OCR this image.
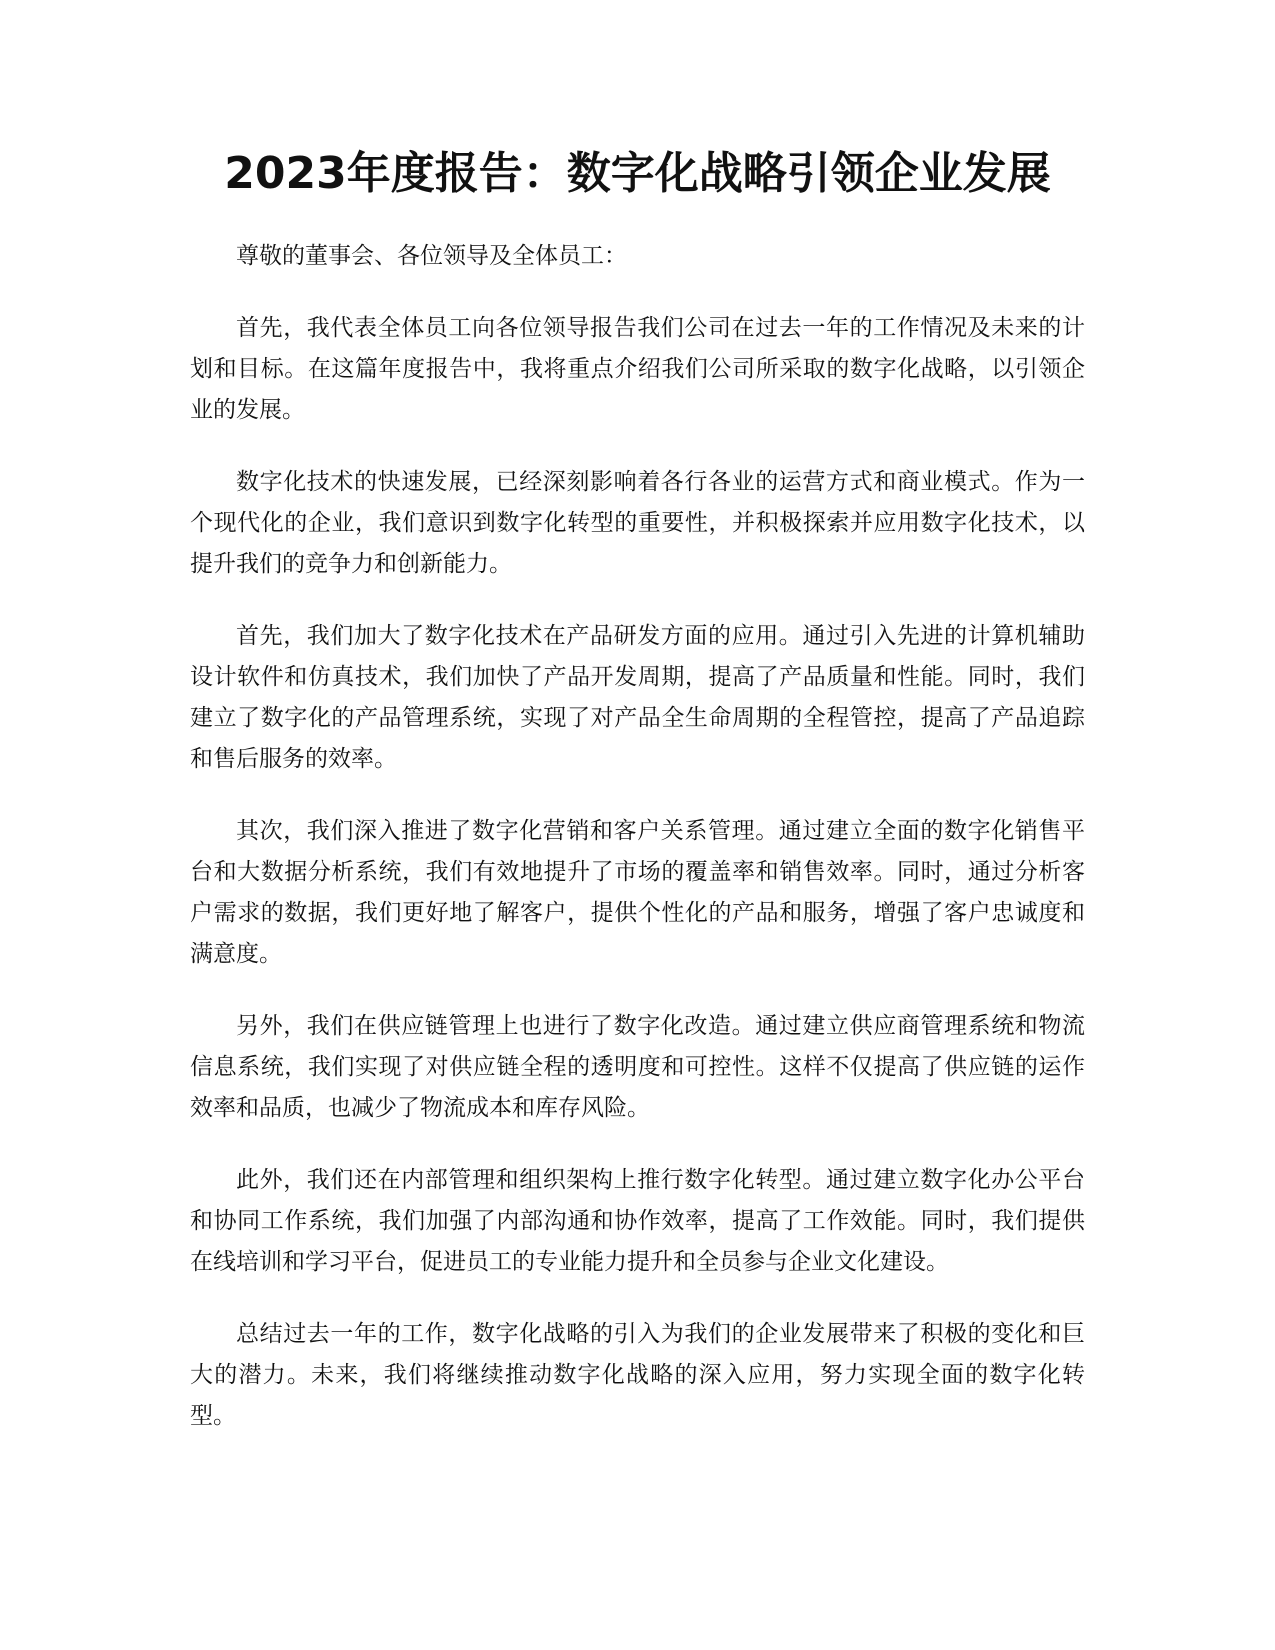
2023年度报告：数字化战略引领企业发展

尊敬的董事会、各位领导及全体员工：

首先，我代表全体员工向各位领导报告我们公司在过去一年的工作情况及未来的计划和目标。在这篇年度报告中，我将重点介绍我们公司所采取的数字化战略，以引领企业的发展。

数字化技术的快速发展，已经深刻影响着各行各业的运营方式和商业模式。作为一个现代化的企业，我们意识到数字化转型的重要性，并积极探索并应用数字化技术，以提升我们的竞争力和创新能力。

首先，我们加大了数字化技术在产品研发方面的应用。通过引入先进的计算机辅助设计软件和仿真技术，我们加快了产品开发周期，提高了产品质量和性能。同时，我们建立了数字化的产品管理系统，实现了对产品全生命周期的全程管控，提高了产品追踪和售后服务的效率。

其次，我们深入推进了数字化营销和客户关系管理。通过建立全面的数字化销售平台和大数据分析系统，我们有效地提升了市场的覆盖率和销售效率。同时，通过分析客户需求的数据，我们更好地了解客户，提供个性化的产品和服务，增强了客户忠诚度和满意度。

另外，我们在供应链管理上也进行了数字化改造。通过建立供应商管理系统和物流信息系统，我们实现了对供应链全程的透明度和可控性。这样不仅提高了供应链的运作效率和品质，也减少了物流成本和库存风险。

此外，我们还在内部管理和组织架构上推行数字化转型。通过建立数字化办公平台和协同工作系统，我们加强了内部沟通和协作效率，提高了工作效能。同时，我们提供在线培训和学习平台，促进员工的专业能力提升和全员参与企业文化建设。

总结过去一年的工作，数字化战略的引入为我们的企业发展带来了积极的变化和巨大的潜力。未来，我们将继续推动数字化战略的深入应用，努力实现全面的数字化转型。
